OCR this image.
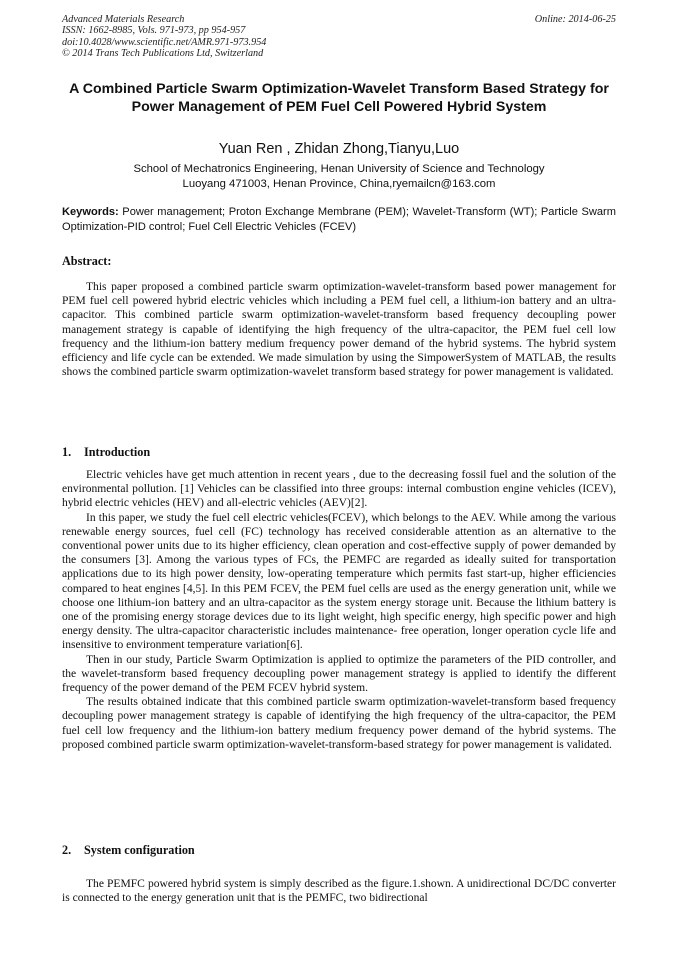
Advanced Materials Research
ISSN: 1662-8985, Vols. 971-973, pp 954-957
doi:10.4028/www.scientific.net/AMR.971-973.954
© 2014 Trans Tech Publications Ltd, Switzerland
Online: 2014-06-25
A Combined Particle Swarm Optimization-Wavelet Transform Based Strategy for Power Management of PEM Fuel Cell Powered Hybrid System
Yuan Ren , Zhidan Zhong,Tianyu,Luo
School of Mechatronics Engineering, Henan University of Science and Technology
Luoyang 471003, Henan Province, China,ryemailcn@163.com
Keywords: Power management; Proton Exchange Membrane (PEM); Wavelet-Transform (WT); Particle Swarm Optimization-PID control; Fuel Cell Electric Vehicles (FCEV)
Abstract:

This paper proposed a combined particle swarm optimization-wavelet-transform based power management for PEM fuel cell powered hybrid electric vehicles which including a PEM fuel cell, a lithium-ion battery and an ultra-capacitor. This combined particle swarm optimization-wavelet-transform based frequency decoupling power management strategy is capable of identifying the high frequency of the ultra-capacitor, the PEM fuel cell low frequency and the lithium-ion battery medium frequency power demand of the hybrid systems. The hybrid system efficiency and life cycle can be extended. We made simulation by using the SimpowerSystem of MATLAB, the results shows the combined particle swarm optimization-wavelet transform based strategy for power management is validated.

1. Introduction

Electric vehicles have get much attention in recent years , due to the decreasing fossil fuel and the solution of the environmental pollution. [1] Vehicles can be classified into three groups: internal combustion engine vehicles (ICEV), hybrid electric vehicles (HEV) and all-electric vehicles (AEV)[2].

In this paper, we study the fuel cell electric vehicles(FCEV), which belongs to the AEV. While among the various renewable energy sources, fuel cell (FC) technology has received considerable attention as an alternative to the conventional power units due to its higher efficiency, clean operation and cost-effective supply of power demanded by the consumers [3]. Among the various types of FCs, the PEMFC are regarded as ideally suited for transportation applications due to its high power density, low-operating temperature which permits fast start-up, higher efficiencies compared to heat engines [4,5]. In this PEM FCEV, the PEM fuel cells are used as the energy generation unit, while we choose one lithium-ion battery and an ultra-capacitor as the system energy storage unit. Because the lithium battery is one of the promising energy storage devices due to its light weight, high specific energy, high specific power and high energy density. The ultra-capacitor characteristic includes maintenance- free operation, longer operation cycle life and insensitive to environment temperature variation[6].

Then in our study, Particle Swarm Optimization is applied to optimize the parameters of the PID controller, and the wavelet-transform based frequency decoupling power management strategy is applied to identify the different frequency of the power demand of the PEM FCEV hybrid system.

The results obtained indicate that this combined particle swarm optimization-wavelet-transform based frequency decoupling power management strategy is capable of identifying the high frequency of the ultra-capacitor, the PEM fuel cell low frequency and the lithium-ion battery medium frequency power demand of the hybrid systems. The proposed combined particle swarm optimization-wavelet-transform-based strategy for power management is validated.

2. System configuration

The PEMFC powered hybrid system is simply described as the figure.1.shown. A unidirectional DC/DC converter is connected to the energy generation unit that is the PEMFC, two bidirectional
